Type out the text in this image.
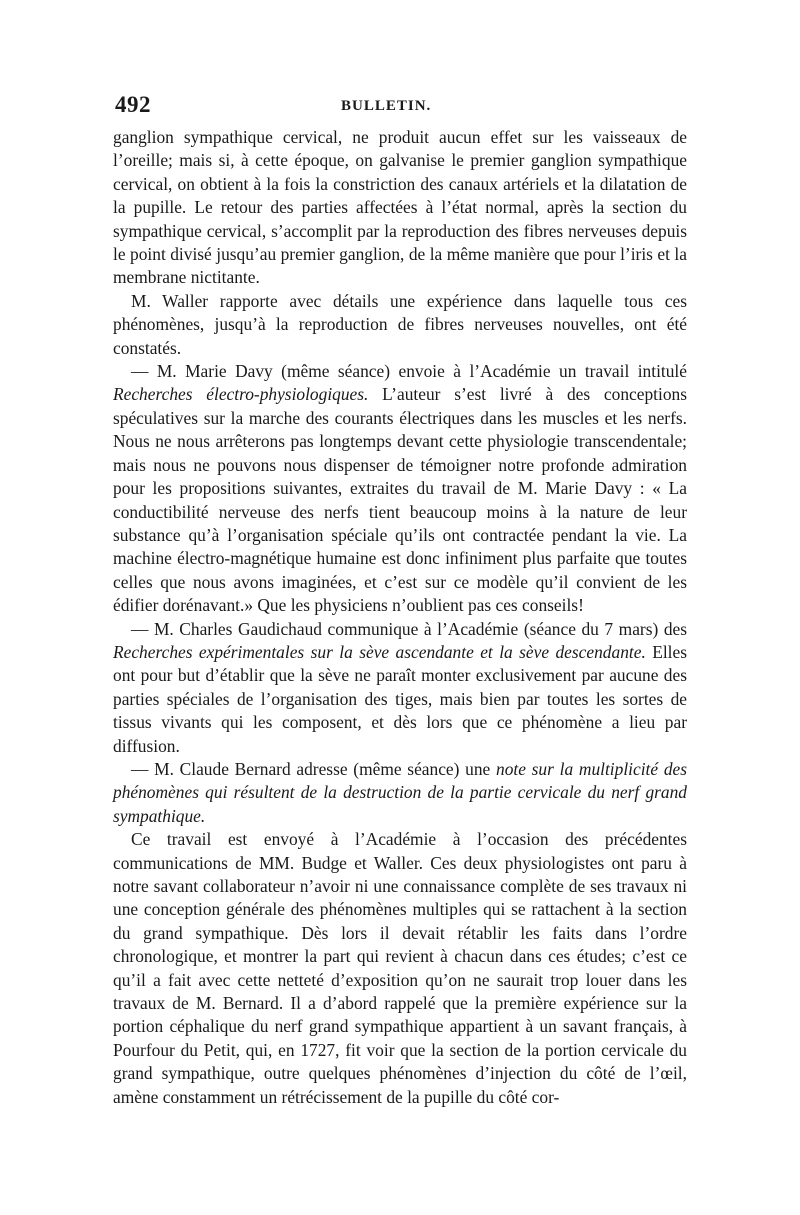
492	BULLETIN.

ganglion sympathique cervical, ne produit aucun effet sur les vaisseaux de l’oreille; mais si, à cette époque, on galvanise le premier ganglion sympathique cervical, on obtient à la fois la constriction des canaux artériels et la dilatation de la pupille. Le retour des parties affectées à l’état normal, après la section du sympathique cervical, s’accomplit par la reproduction des fibres nerveuses depuis le point divisé jusqu’au premier ganglion, de la même manière que pour l’iris et la membrane nictitante.

M. Waller rapporte avec détails une expérience dans laquelle tous ces phénomènes, jusqu’à la reproduction de fibres nerveuses nouvelles, ont été constatés.

— M. Marie Davy (même séance) envoie à l’Académie un travail intitulé Recherches électro-physiologiques. L’auteur s’est livré à des conceptions spéculatives sur la marche des courants électriques dans les muscles et les nerfs. Nous ne nous arrêterons pas longtemps devant cette physiologie transcendentale; mais nous ne pouvons nous dispenser de témoigner notre profonde admiration pour les propositions suivantes, extraites du travail de M. Marie Davy : « La conductibilité nerveuse des nerfs tient beaucoup moins à la nature de leur substance qu’à l’organisation spéciale qu’ils ont contractée pendant la vie. La machine électro-magnétique humaine est donc infiniment plus parfaite que toutes celles que nous avons imaginées, et c’est sur ce modèle qu’il convient de les édifier dorénavant.» Que les physiciens n’oublient pas ces conseils!

— M. Charles Gaudichaud communique à l’Académie (séance du 7 mars) des Recherches expérimentales sur la sève ascendante et la sève descendante. Elles ont pour but d’établir que la sève ne paraît monter exclusivement par aucune des parties spéciales de l’organisation des tiges, mais bien par toutes les sortes de tissus vivants qui les composent, et dès lors que ce phénomène a lieu par diffusion.

— M. Claude Bernard adresse (même séance) une note sur la multiplicité des phénomènes qui résultent de la destruction de la partie cervicale du nerf grand sympathique.

Ce travail est envoyé à l’Académie à l’occasion des précédentes communications de MM. Budge et Waller. Ces deux physiologistes ont paru à notre savant collaborateur n’avoir ni une connaissance complète de ses travaux ni une conception générale des phénomènes multiples qui se rattachent à la section du grand sympathique. Dès lors il devait rétablir les faits dans l’ordre chronologique, et montrer la part qui revient à chacun dans ces études; c’est ce qu’il a fait avec cette netteté d’exposition qu’on ne saurait trop louer dans les travaux de M. Bernard. Il a d’abord rappelé que la première expérience sur la portion céphalique du nerf grand sympathique appartient à un savant français, à Pourfour du Petit, qui, en 1727, fit voir que la section de la portion cervicale du grand sympathique, outre quelques phénomènes d’injection du côté de l’œil, amène constamment un rétrécissement de la pupille du côté cor-
